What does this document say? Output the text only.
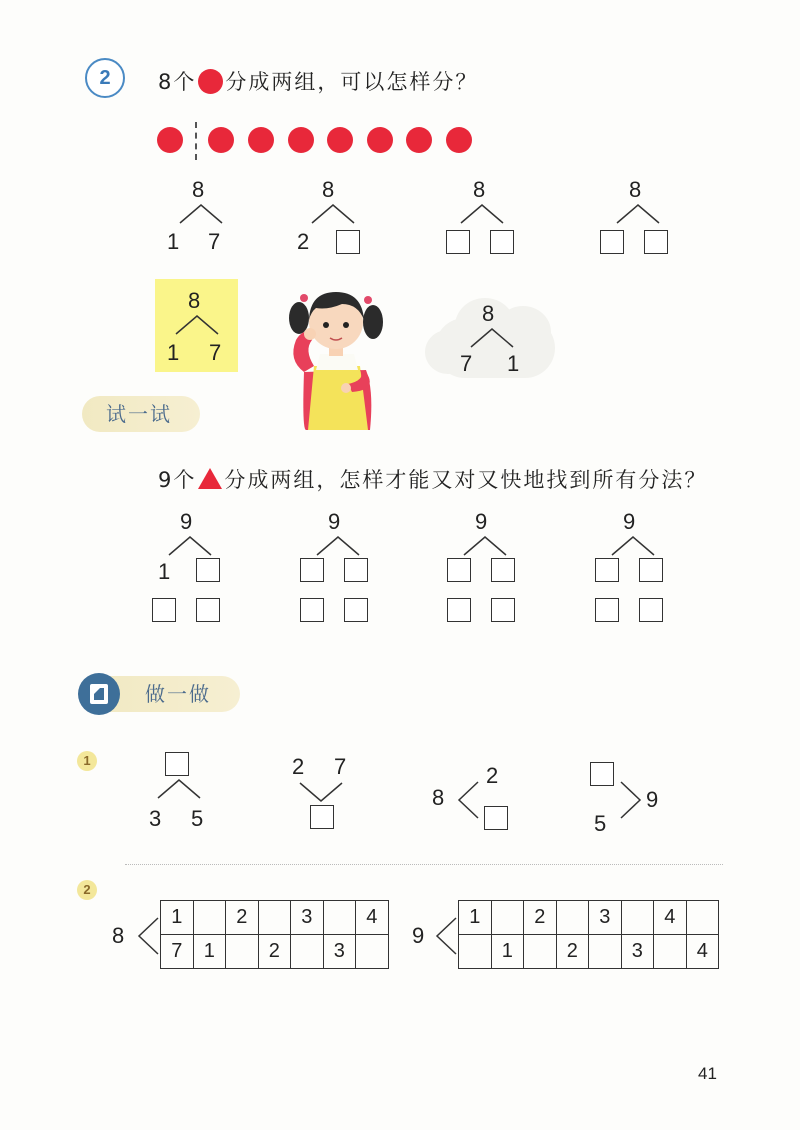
2	8个 分成两组，可以怎样分？
8
1 7
8
2
8	8
8
1 7
8
7 1
试一试
9个 分成两组，怎样才能又对又快地找到所有分法？
9
1
9	9	9
做一做
1
3 5
2 7
8
2
9
5
2
8
1		2		3		4
7	1		2		3	
9
1		2		3		4	
	1		2		3		4
41
